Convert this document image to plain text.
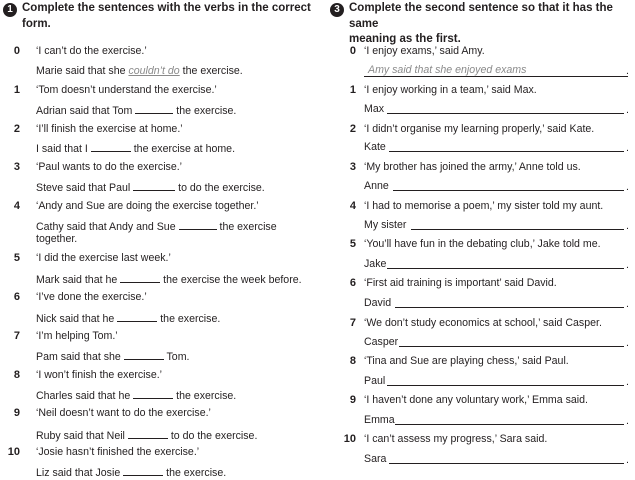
1 Complete the sentences with the verbs in the correct
form.
0 ‘I can’t do the exercise.’
Marie said that she couldn’t do the exercise.
1 ‘Tom doesn’t understand the exercise.’
Adrian said that Tom	the exercise.
2 ‘I’ll finish the exercise at home.’
I said that I	the exercise at home.
3 ‘Paul wants to do the exercise.’
Steve said that Paul	to do the exercise.
4 ‘Andy and Sue are doing the exercise together.’
Cathy said that Andy and Sue	the exercise
together.
5 ‘I did the exercise last week.’
Mark said that he	the exercise the week before.
6 ‘I’ve done the exercise.’
Nick said that he	the exercise.
7 ‘I’m helping Tom.’
Pam said that she	Tom.
8 ‘I won’t finish the exercise.’
Charles said that he	the exercise.
9 ‘Neil doesn’t want to do the exercise.’
Ruby said that Neil	to do the exercise.
10 ‘Josie hasn’t finished the exercise.’
Liz said that Josie	the exercise.
3 Complete the second sentence so that it has the same
meaning as the first.
0 ‘I enjoy exams,’ said Amy.
Amy said that she enjoyed exams	.
1 ‘I enjoy working in a team,’ said Max.
Max	.
2 ‘I didn’t organise my learning properly,’ said Kate.
Kate	.
3 ‘My brother has joined the army,’ Anne told us.
Anne	.
4 ‘I had to memorise a poem,’ my sister told my aunt.
My sister	.
5 ‘You’ll have fun in the debating club,’ Jake told me.
Jake	.
6 ‘First aid training is important’ said David.
David	.
7 ‘We don’t study economics at school,’ said Casper.
Casper	.
8 ‘Tina and Sue are playing chess,’ said Paul.
Paul	.
9 ‘I haven’t done any voluntary work,’ Emma said.
Emma	.
10 ‘I can’t assess my progress,’ Sara said.
Sara	.
